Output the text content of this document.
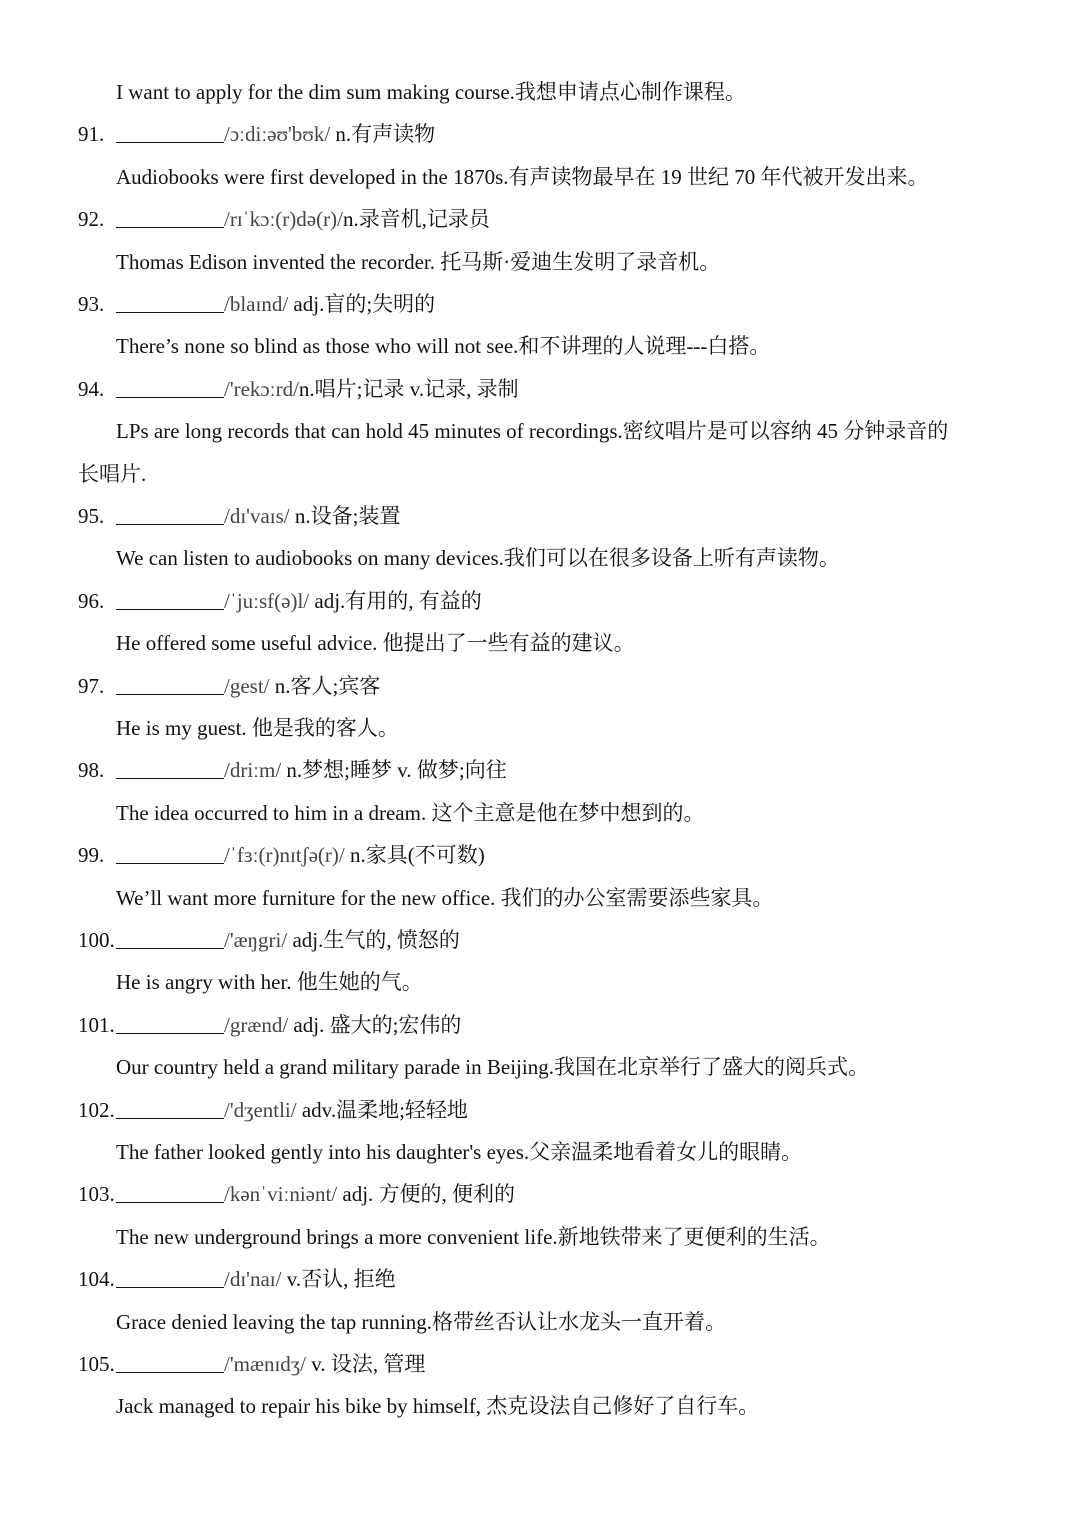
I want to apply for the dim sum making course.我想申请点心制作课程。
91.	/ɔːdiːəʊ'bʊk/ n.有声读物
Audiobooks were first developed in the 1870s.有声读物最早在 19 世纪 70 年代被开发出来。
92.	/rɪˈkɔː(r)də(r)/n.录音机,记录员
Thomas Edison invented the recorder. 托马斯·爱迪生发明了录音机。
93.	/blaɪnd/ adj.盲的;失明的
There’s none so blind as those who will not see.和不讲理的人说理---白搭。
94.	/'rekɔːrd/n.唱片;记录 v.记录, 录制
LPs are long records that can hold 45 minutes of recordings.密纹唱片是可以容纳 45 分钟录音的
长唱片.
95.	/dɪ'vaɪs/ n.设备;装置
We can listen to audiobooks on many devices.我们可以在很多设备上听有声读物。
96.	/ˈjuːsf(ə)l/ adj.有用的, 有益的
He offered some useful advice. 他提出了一些有益的建议。
97.	/gest/ n.客人;宾客
He is my guest. 他是我的客人。
98.	/driːm/ n.梦想;睡梦 v. 做梦;向往
The idea occurred to him in a dream. 这个主意是他在梦中想到的。
99.	/ˈfɜː(r)nɪtʃə(r)/ n.家具(不可数)
We’ll want more furniture for the new office. 我们的办公室需要添些家具。
100.	/'æŋgri/ adj.生气的, 愤怒的
He is angry with her. 他生她的气。
101.	/grænd/ adj. 盛大的;宏伟的
Our country held a grand military parade in Beijing.我国在北京举行了盛大的阅兵式。
102.	/'dʒentli/ adv.温柔地;轻轻地
The father looked gently into his daughter's eyes.父亲温柔地看着女儿的眼睛。
103.	/kənˈviːniənt/ adj. 方便的, 便利的
The new underground brings a more convenient life.新地铁带来了更便利的生活。
104.	/dɪ'naɪ/ v.否认, 拒绝
Grace denied leaving the tap running.格带丝否认让水龙头一直开着。
105.	/'mænɪdʒ/ v. 设法, 管理
Jack managed to repair his bike by himself, 杰克设法自己修好了自行车。
